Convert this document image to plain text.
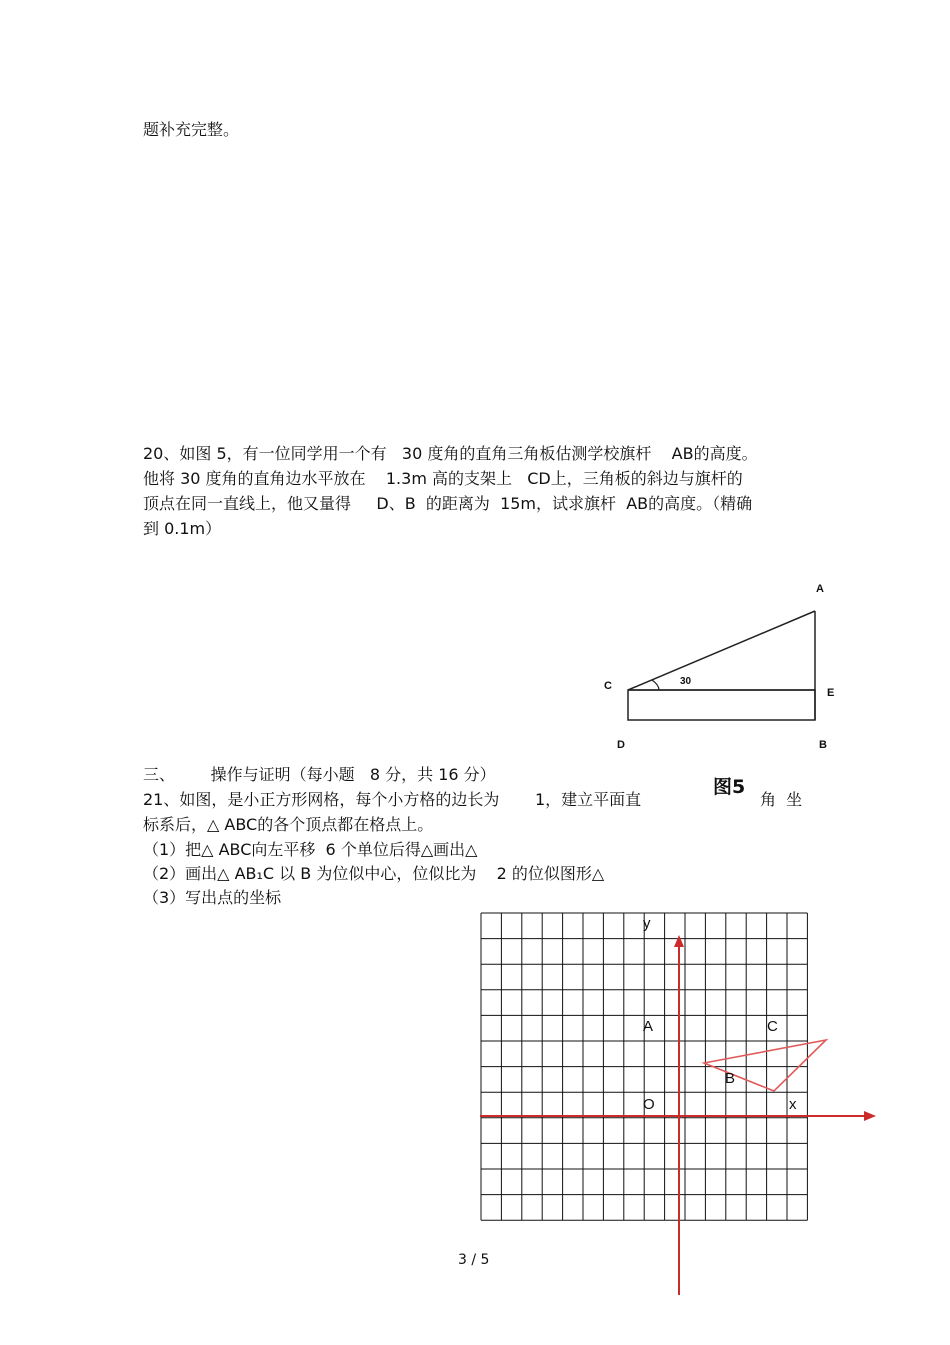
题补充完整。
20、如图 5，有一位同学用一个有   30 度角的直角三角板估测学校旗杆    AB的高度。
他将 30 度角的直角边水平放在    1.3m 高的支架上   CD上，三角板的斜边与旗杆的
顶点在同一直线上，他又量得     D、B  的距离为  15m，试求旗杆  AB的高度。（精确
到 0.1m）
A
C	30
E
D	B
图5
三、       操作与证明（每小题   8 分，共 16 分）
21、如图，是小正方形网格，每个小方格的边长为       1，建立平面直	角  坐
标系后，△ ABC的各个顶点都在格点上。
（1）把△ ABC向左平移  6 个单位后得△画出△
（2）画出△ AB₁C 以 B 为位似中心，位似比为    2 的位似图形△
（3）写出点的坐标
y
A	C
B
O	x
3 / 5
